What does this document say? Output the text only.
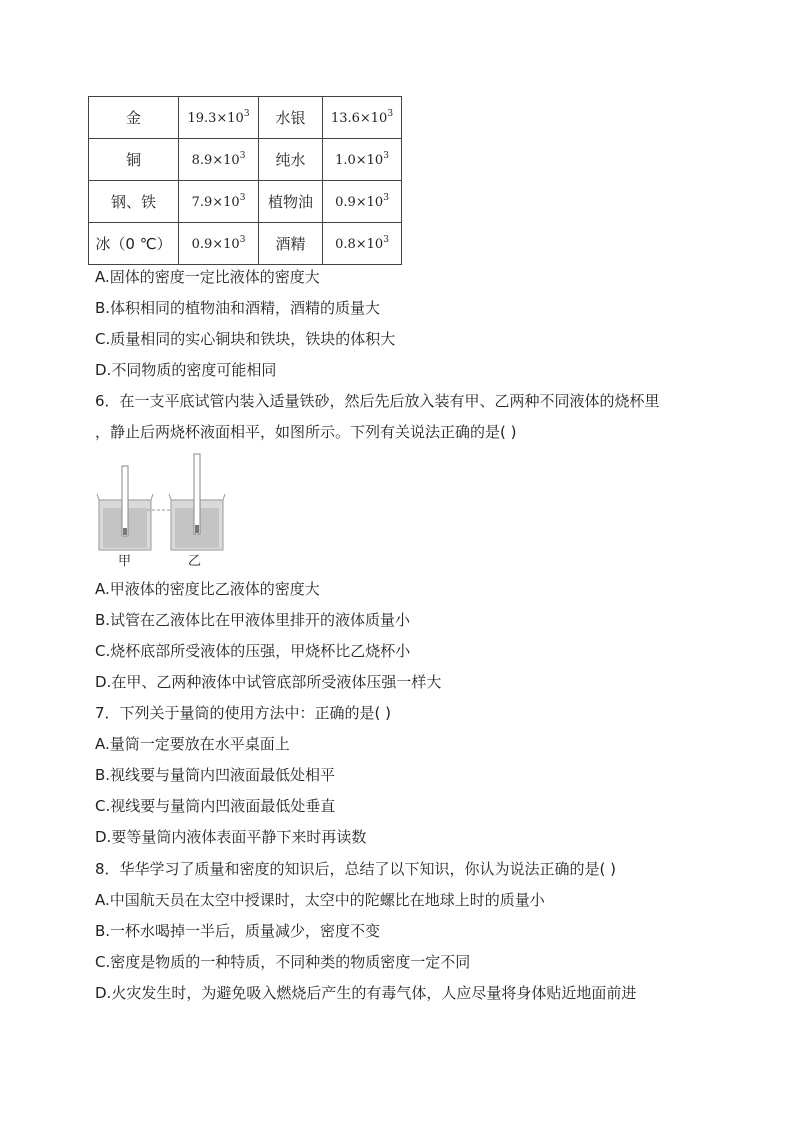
金	$19.3\times 10^3$	水银	$13.6\times 10^3$
铜	$8.9\times 10^3$	纯水	$1.0\times 10^3$
钢、铁	$7.9\times 10^3$	植物油	$0.9\times 10^3$
冰（0 ℃）	$0.9\times 10^3$	酒精	$0.8\times 10^3$
A.固体的密度一定比液体的密度大
B.体积相同的植物油和酒精，酒精的质量大
C.质量相同的实心铜块和铁块，铁块的体积大
D.不同物质的密度可能相同
6．在一支平底试管内装入适量铁砂，然后先后放入装有甲、乙两种不同液体的烧杯里
，静止后两烧杯液面相平，如图所示。下列有关说法正确的是( )
甲	乙
A.甲液体的密度比乙液体的密度大
B.试管在乙液体比在甲液体里排开的液体质量小
C.烧杯底部所受液体的压强，甲烧杯比乙烧杯小
D.在甲、乙两种液体中试管底部所受液体压强一样大
7．下列关于量筒的使用方法中：正确的是( )
A.量筒一定要放在水平桌面上
B.视线要与量筒内凹液面最低处相平
C.视线要与量筒内凹液面最低处垂直
D.要等量筒内液体表面平静下来时再读数
8．华华学习了质量和密度的知识后，总结了以下知识，你认为说法正确的是( )
A.中国航天员在太空中授课时，太空中的陀螺比在地球上时的质量小
B.一杯水喝掉一半后，质量减少，密度不变
C.密度是物质的一种特质，不同种类的物质密度一定不同
D.火灾发生时，为避免吸入燃烧后产生的有毒气体，人应尽量将身体贴近地面前进
